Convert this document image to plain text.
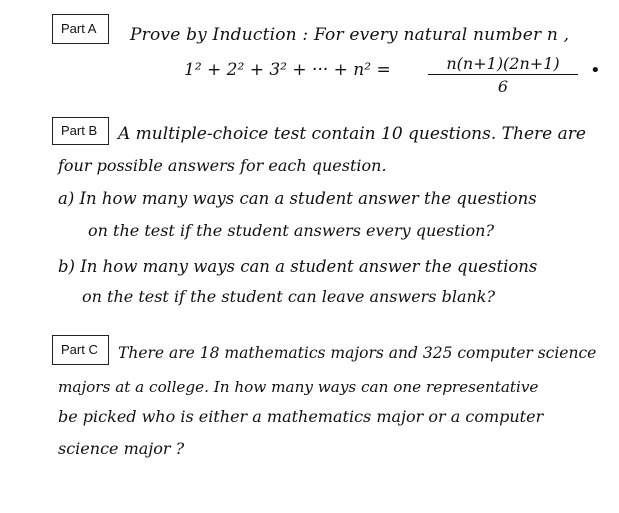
Part A	Prove by Induction : For every natural number n ,
1² + 2² + 3² + ··· + $n^2 = \frac{n(n+1)(2n+1)}{6}$ •
Part B	A multiple-choice test contain 10 questions. There are
four possible answers for each question.
a) In how many ways can a student answer the questions
on the test if the student answers every question?
b) In how many ways can a student answer the questions
on the test if the student can leave answers blank?
Part C	There are 18 mathematics majors and 325 computer science
majors at a college. In how many ways can one representative
be picked who is either a mathematics major or a computer
science major ?
